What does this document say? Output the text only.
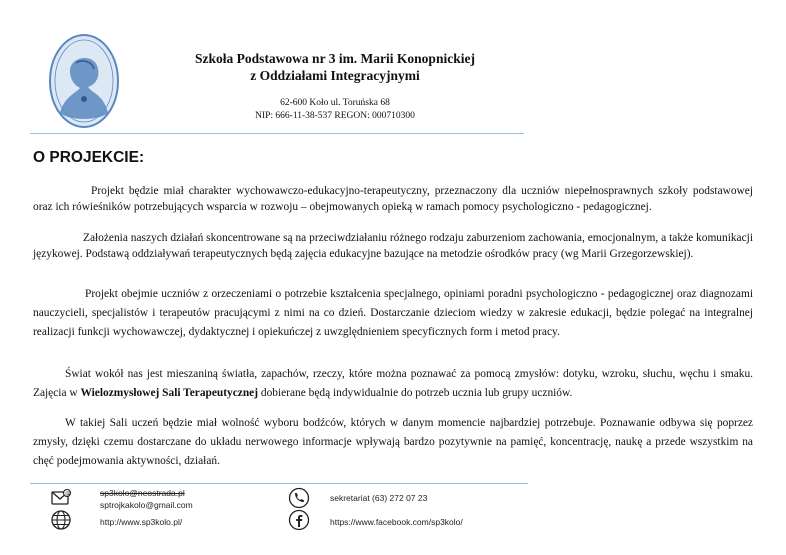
Szkoła Podstawowa nr 3 im. Marii Konopnickiej
z Oddziałami Integracyjnymi
62-600 Koło ul. Toruńska 68
NIP: 666-11-38-537 REGON: 000710300
O PROJEKCIE:

Projekt będzie miał charakter wychowawczo-edukacyjno-terapeutyczny, przeznaczony dla uczniów niepełnosprawnych szkoły podstawowej oraz ich rówieśników potrzebujących wsparcia w rozwoju – obejmowanych opieką w ramach pomocy psychologiczno - pedagogicznej.

Założenia naszych działań skoncentrowane są na przeciwdziałaniu różnego rodzaju zaburzeniom zachowania, emocjonalnym, a także komunikacji językowej. Podstawą oddziaływań terapeutycznych będą zajęcia edukacyjne bazujące na metodzie ośrodków pracy (wg Marii Grzegorzewskiej).

Projekt obejmie uczniów z orzeczeniami o potrzebie kształcenia specjalnego, opiniami poradni psychologiczno - pedagogicznej oraz diagnozami nauczycieli, specjalistów i terapeutów pracującymi z nimi na co dzień. Dostarczanie dzieciom wiedzy w zakresie edukacji, będzie polegać na integralnej realizacji funkcji wychowawczej, dydaktycznej i opiekuńczej z uwzględnieniem specyficznych form i metod pracy.

Świat wokół nas jest mieszaniną światła, zapachów, rzeczy, które można poznawać za pomocą zmysłów: dotyku, wzroku, słuchu, węchu i smaku. Zajęcia w Wielozmysłowej Sali Terapeutycznej dobierane będą indywidualnie do potrzeb ucznia lub grupy uczniów.

W takiej Sali uczeń będzie miał wolność wyboru bodźców, których w danym momencie najbardziej potrzebuje. Poznawanie odbywa się poprzez zmysły, dzięki czemu dostarczane do układu nerwowego informacje wpływają bardzo pozytywnie na pamięć, koncentrację, naukę a przede wszystkim na chęć podejmowania aktywności, działań.

@	sp3kolo@neostrada.pl
sptrojkakolo@gmail.com
http://www.sp3kolo.pl/
sekretariat (63) 272 07 23
https://www.facebook.com/sp3kolo/
